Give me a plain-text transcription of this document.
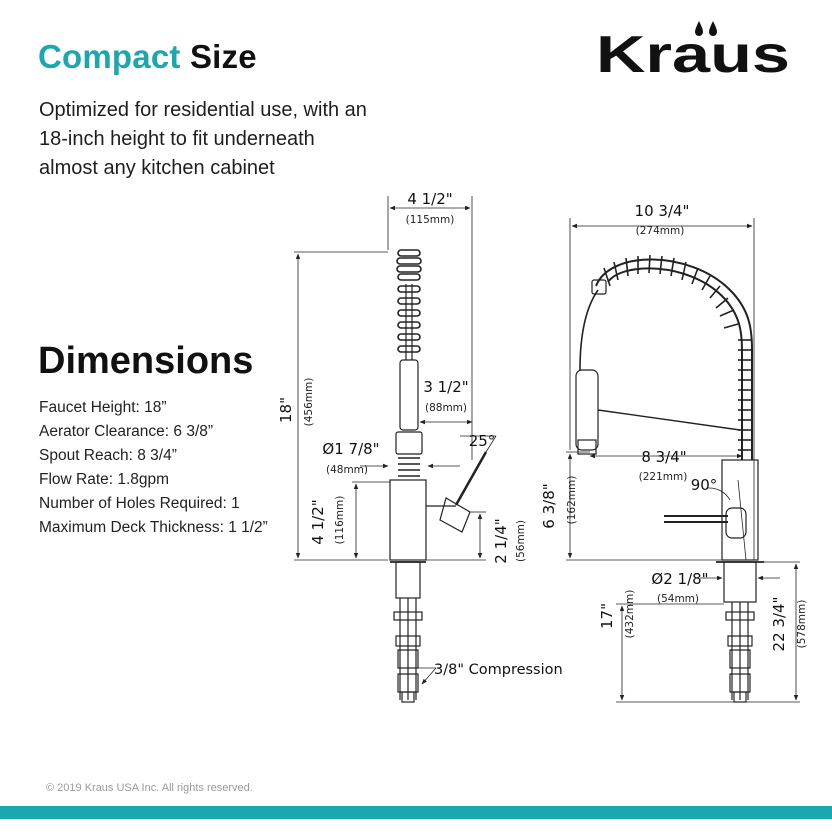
Compact Size
Optimized for residential use, with an 18-inch height to fit underneath almost any kitchen cabinet
Kraus
Dimensions
Faucet Height: 18”
Aerator Clearance: 6 3/8”
Spout Reach: 8 3/4”
Flow Rate: 1.8gpm
Number of Holes Required: 1
Maximum Deck Thickness: 1 1/2”
4 1/2"
(115mm)
18" (456mm)	3 1/2"
(88mm)
Ø1 7/8"
(48mm)
25°
4 1/2" (116mm)	2 1/4" (56mm)
3/8" Compression
10 3/4"
(274mm)
8 3/4"
(221mm) 90°
6 3/8" (162mm)
Ø2 1/8"
(54mm)
17" (432mm)	22 3/4" (578mm)
© 2019 Kraus USA Inc. All rights reserved.
